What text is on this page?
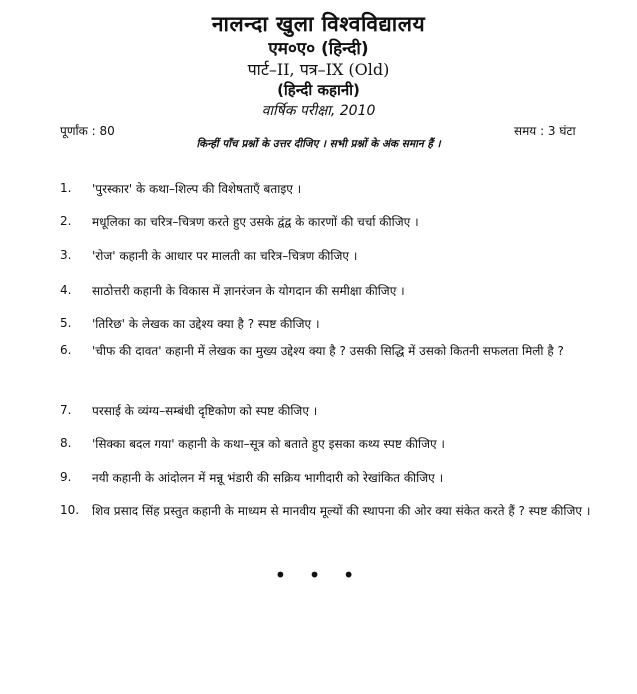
नालन्दा खुला विश्वविद्यालय
एम०ए० (हिन्दी)
पार्ट–II, पत्र–IX (Old)
(हिन्दी कहानी)
वार्षिक परीक्षा, 2010
पूर्णांक : 80	समय : 3 घंटा
किन्हीं पाँच प्रश्नों के उत्तर दीजिए । सभी प्रश्नों के अंक समान हैं ।
1.	'पुरस्कार' के कथा–शिल्प की विशेषताएँ बताइए ।
2.	मधूलिका का चरित्र–चित्रण करते हुए उसके द्वंद्व के कारणों की चर्चा कीजिए ।
3.	'रोज' कहानी के आधार पर मालती का चरित्र–चित्रण कीजिए ।
4.	साठोत्तरी कहानी के विकास में ज्ञानरंजन के योगदान की समीक्षा कीजिए ।
5.	'तिरिछ' के लेखक का उद्देश्य क्या है ? स्पष्ट कीजिए ।
6.	'चीफ की दावत' कहानी में लेखक का मुख्य उद्देश्य क्या है ? उसकी सिद्धि में उसको कितनी सफलता मिली है ?
7.	परसाई के व्यंग्य–सम्बंधी दृष्टिकोण को स्पष्ट कीजिए ।
8.	'सिक्का बदल गया' कहानी के कथा–सूत्र को बताते हुए इसका कथ्य स्पष्ट कीजिए ।
9.	नयी कहानी के आंदोलन में मन्नू भंडारी की सक्रिय भागीदारी को रेखांकित कीजिए ।
10.	शिव प्रसाद सिंह प्रस्तुत कहानी के माध्यम से मानवीय मूल्यों की स्थापना की ओर क्या संकेत करते हैं ? स्पष्ट कीजिए ।
• • •
